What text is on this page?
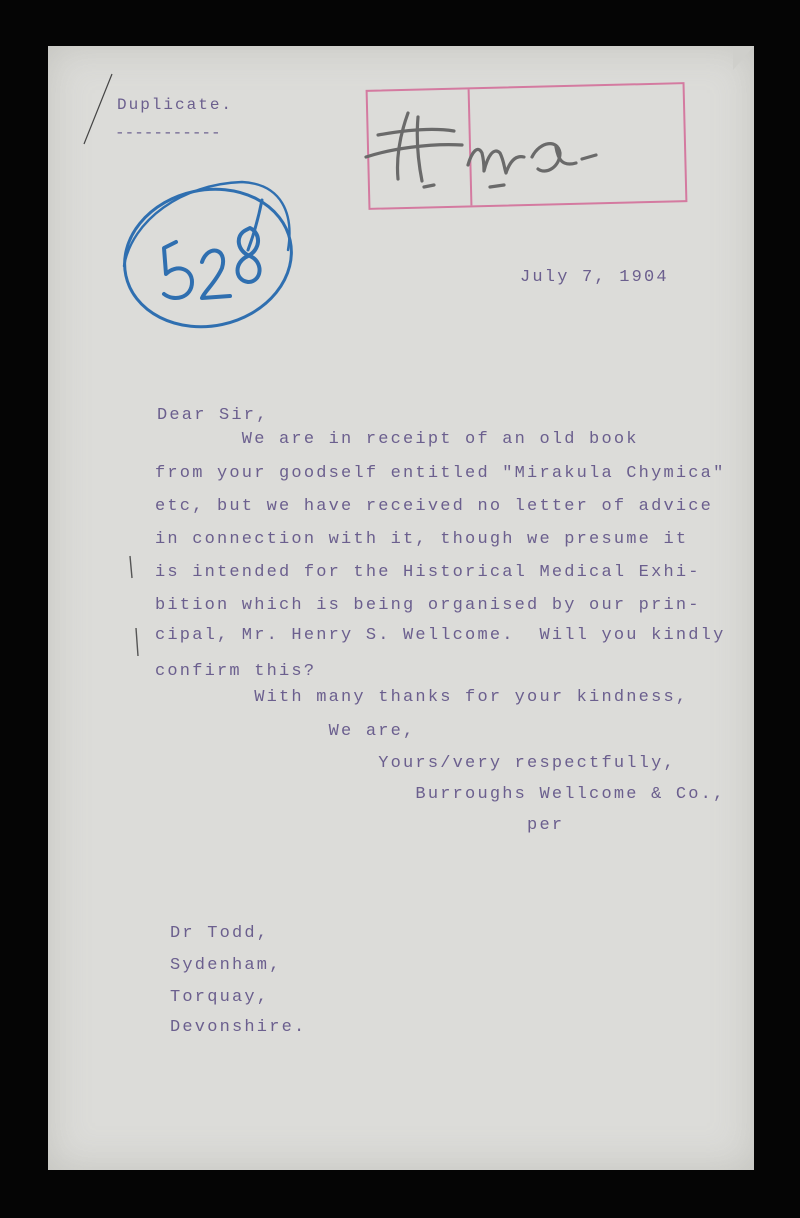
Duplicate.
-----------
July 7, 1904
Dear Sir,
We are in receipt of an old book
from your goodself entitled "Mirakula Chymica"
etc, but we have received no letter of advice
in connection with it, though we presume it
is intended for the Historical Medical Exhi-
bition which is being organised by our prin-
cipal, Mr. Henry S. Wellcome.  Will you kindly
confirm this?
With many thanks for your kindness,
We are,
Yours/very respectfully,
Burroughs Wellcome & Co.,
per
Dr Todd,
Sydenham,
Torquay,
Devonshire.
